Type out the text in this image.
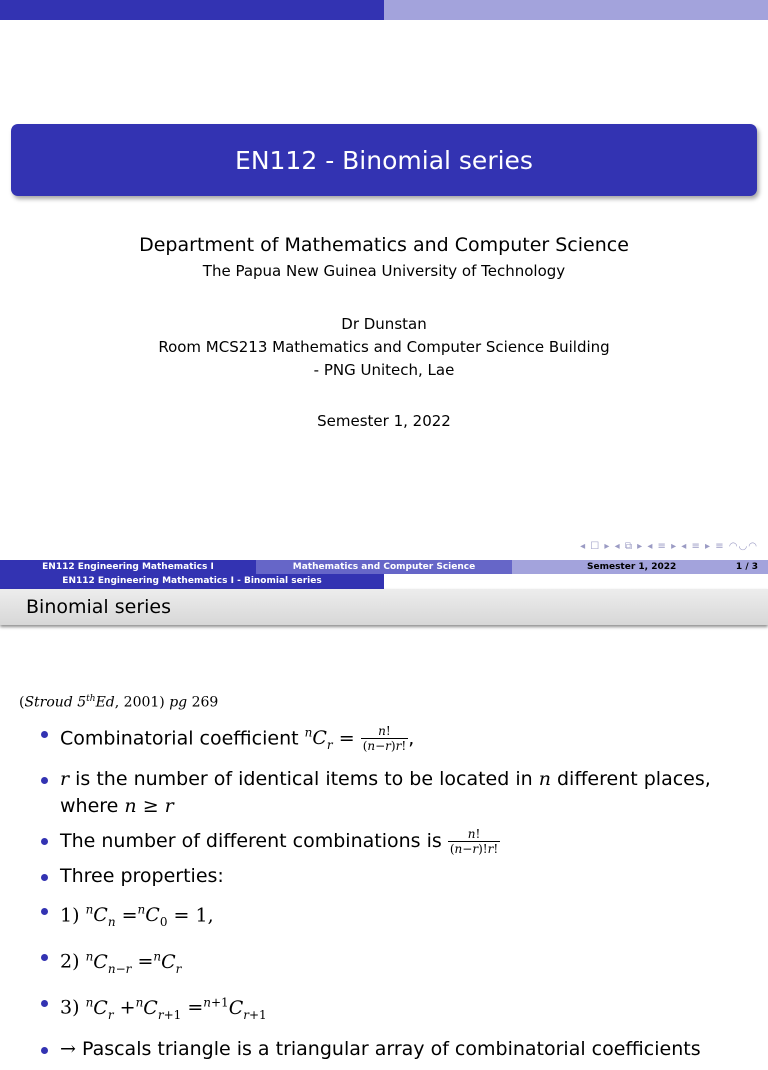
EN112 - Binomial series
Department of Mathematics and Computer Science
The Papua New Guinea University of Technology
Dr Dunstan
Room MCS213 Mathematics and Computer Science Building
- PNG Unitech, Lae
Semester 1, 2022
◂ ☐ ▸ ◂ ⧉ ▸ ◂ ≡ ▸ ◂ ≡ ▸ ≡ ◠◡◠
EN112 Engineering Mathematics I	Mathematics and Computer Science	Semester 1, 2022	1 / 3
EN112 Engineering Mathematics I - Binomial series
Binomial series
(Stroud 5thEd, 2001) pg 269
Combinatorial coefficient $^nC_r = \frac{n!}{(n-r)r!}$ ,
r is the number of identical items to be located in n different places,
where n ≥ r
The number of different combinations is $\frac{n!}{(n-r)!r!}$
Three properties:
1) $^nC_n =^nC_0 = 1$,
2) $^nC_{n-r} =^nC_r$
3) $^nC_r +^nC_{r+1} =^{n+1}C_{r+1}$
→ Pascals triangle is a triangular array of combinatorial coefficients
